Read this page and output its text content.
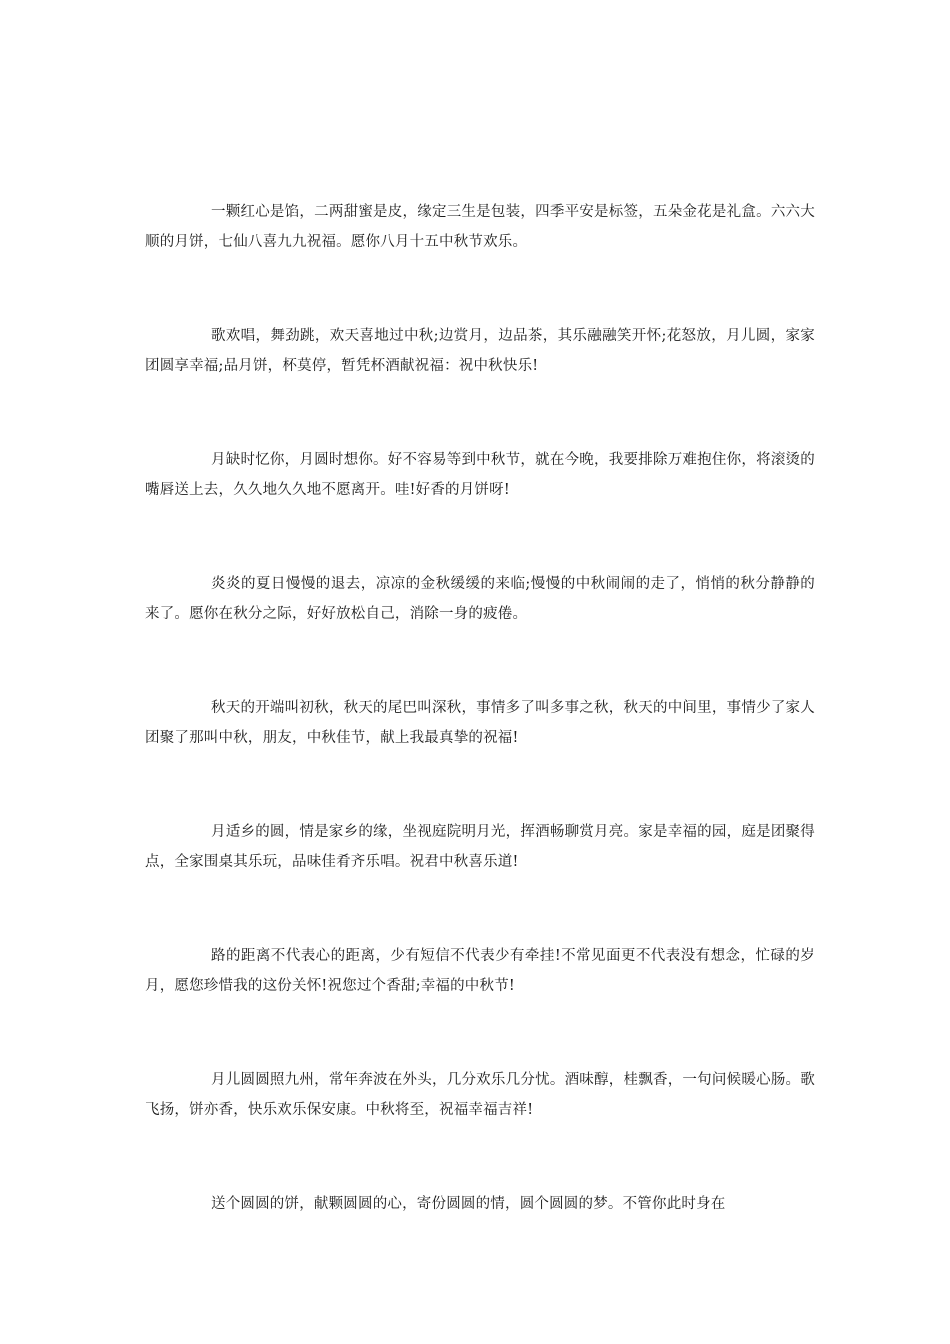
一颗红心是馅，二两甜蜜是皮，缘定三生是包装，四季平安是标签，五朵金花是礼盒。六六大顺的月饼，七仙八喜九九祝福。愿你八月十五中秋节欢乐。

歌欢唱，舞劲跳，欢天喜地过中秋;边赏月，边品茶，其乐融融笑开怀;花怒放，月儿圆，家家团圆享幸福;品月饼，杯莫停，暂凭杯酒献祝福：祝中秋快乐!

月缺时忆你，月圆时想你。好不容易等到中秋节，就在今晚，我要排除万难抱住你，将滚烫的嘴唇送上去，久久地久久地不愿离开。哇!好香的月饼呀!

炎炎的夏日慢慢的退去，凉凉的金秋缓缓的来临;慢慢的中秋闹闹的走了，悄悄的秋分静静的来了。愿你在秋分之际，好好放松自己，消除一身的疲倦。

秋天的开端叫初秋，秋天的尾巴叫深秋，事情多了叫多事之秋，秋天的中间里，事情少了家人团聚了那叫中秋，朋友，中秋佳节，献上我最真挚的祝福!

月适乡的圆，情是家乡的缘，坐视庭院明月光，挥酒畅聊赏月亮。家是幸福的园，庭是团聚得点，全家围桌其乐玩，品味佳肴齐乐唱。祝君中秋喜乐道!

路的距离不代表心的距离，少有短信不代表少有牵挂!不常见面更不代表没有想念，忙碌的岁月，愿您珍惜我的这份关怀!祝您过个香甜;幸福的中秋节!

月儿圆圆照九州，常年奔波在外头，几分欢乐几分忧。酒味醇，桂飘香，一句问候暖心肠。歌飞扬，饼亦香，快乐欢乐保安康。中秋将至，祝福幸福吉祥!

送个圆圆的饼，献颗圆圆的心，寄份圆圆的情，圆个圆圆的梦。不管你此时身在
